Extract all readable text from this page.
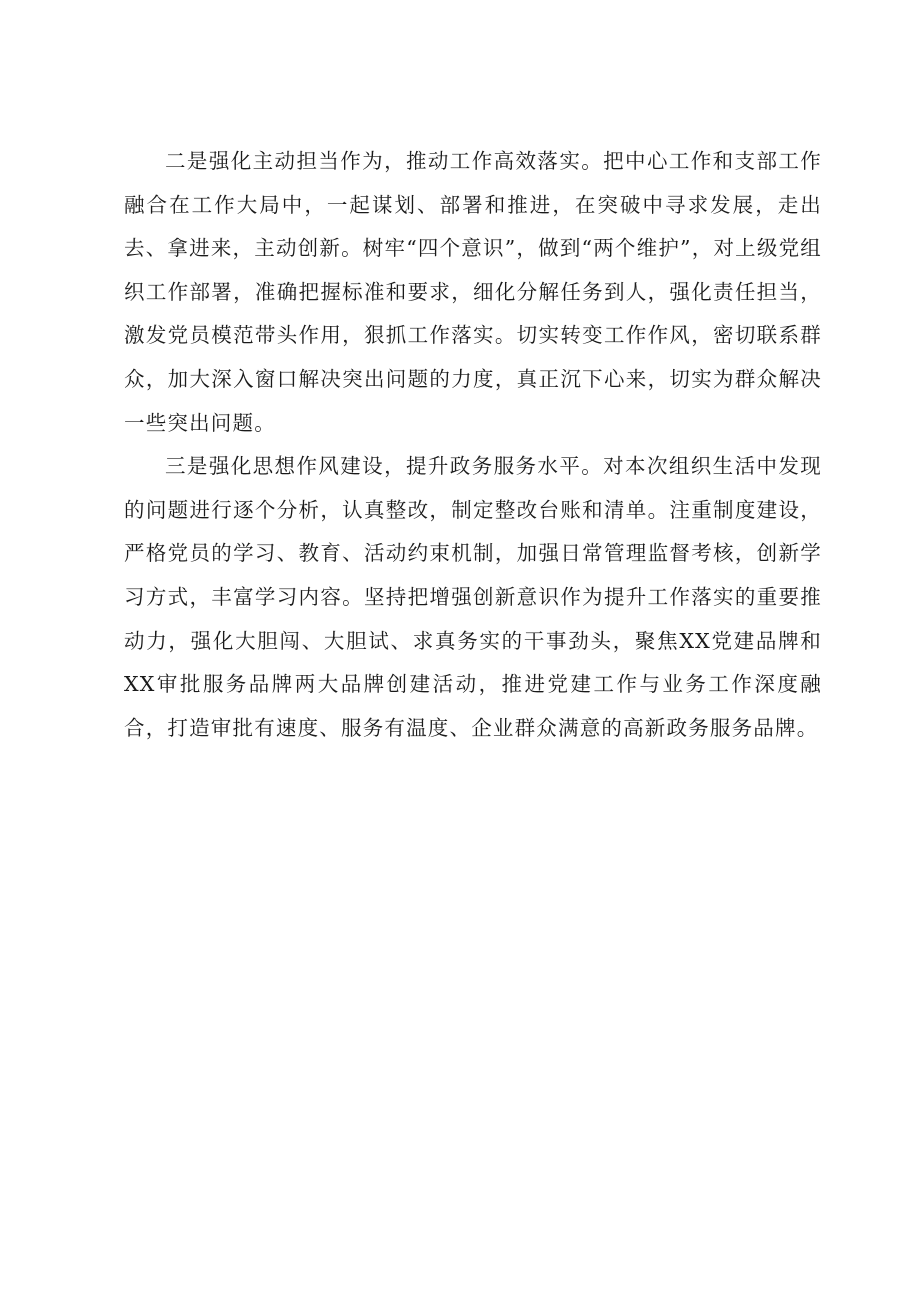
二是强化主动担当作为，推动工作高效落实。把中心工作和支部工作融合在工作大局中，一起谋划、部署和推进，在突破中寻求发展，走出去、拿进来，主动创新。树牢“四个意识”，做到“两个维护”，对上级党组织工作部署，准确把握标准和要求，细化分解任务到人，强化责任担当，激发党员模范带头作用，狠抓工作落实。切实转变工作作风，密切联系群众，加大深入窗口解决突出问题的力度，真正沉下心来，切实为群众解决一些突出问题。

三是强化思想作风建设，提升政务服务水平。对本次组织生活中发现的问题进行逐个分析，认真整改，制定整改台账和清单。注重制度建设，严格党员的学习、教育、活动约束机制，加强日常管理监督考核，创新学习方式，丰富学习内容。坚持把增强创新意识作为提升工作落实的重要推动力，强化大胆闯、大胆试、求真务实的干事劲头，聚焦XX党建品牌和XX审批服务品牌两大品牌创建活动，推进党建工作与业务工作深度融合，打造审批有速度、服务有温度、企业群众满意的高新政务服务品牌。
